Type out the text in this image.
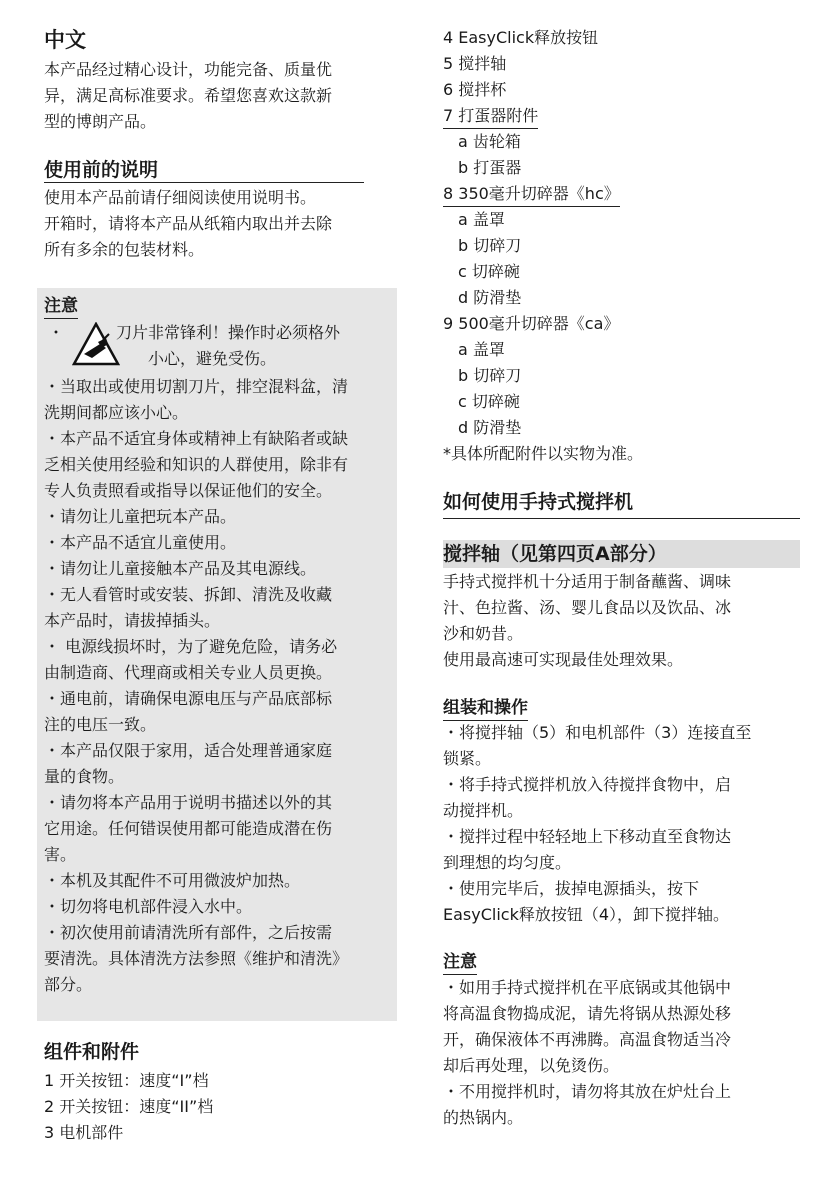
中文

本产品经过精心设计，功能完备、质量优

异，满足高标准要求。希望您喜欢这款新

型的博朗产品。

使用前的说明

使用本产品前请仔细阅读使用说明书。

开箱时，请将本产品从纸箱内取出并去除

所有多余的包装材料。

注意
・	刀片非常锋利！操作时必须格外

小心，避免受伤。

・当取出或使用切割刀片，排空混料盆，清

洗期间都应该小心。

・本产品不适宜身体或精神上有缺陷者或缺

乏相关使用经验和知识的人群使用，除非有

专人负责照看或指导以保证他们的安全。

・请勿让儿童把玩本产品。

・本产品不适宜儿童使用。

・请勿让儿童接触本产品及其电源线。

・无人看管时或安装、拆卸、清洗及收藏

本产品时，请拔掉插头。

・ 电源线损坏时，为了避免危险，请务必

由制造商、代理商或相关专业人员更换。

・通电前，请确保电源电压与产品底部标

注的电压一致。

・本产品仅限于家用，适合处理普通家庭

量的食物。

・请勿将本产品用于说明书描述以外的其

它用途。任何错误使用都可能造成潜在伤

害。

・本机及其配件不可用微波炉加热。

・切勿将电机部件浸入水中。

・初次使用前请清洗所有部件，之后按需

要清洗。具体清洗方法参照《维护和清洗》

部分。

组件和附件

1 开关按钮：速度“I”档

2 开关按钮：速度“II”档

3 电机部件

4 EasyClick释放按钮

5 搅拌轴

6 搅拌杯

7 打蛋器附件

a 齿轮箱

b 打蛋器

8 350毫升切碎器《hc》

a 盖罩

b 切碎刀

c 切碎碗

d 防滑垫

9 500毫升切碎器《ca》

a 盖罩

b 切碎刀

c 切碎碗

d 防滑垫

*具体所配附件以实物为准。

如何使用手持式搅拌机
搅拌轴（见第四页A部分）

手持式搅拌机十分适用于制备蘸酱、调味

汁、色拉酱、汤、婴儿食品以及饮品、冰

沙和奶昔。

使用最高速可实现最佳处理效果。

组装和操作

・将搅拌轴（5）和电机部件（3）连接直至

锁紧。

・将手持式搅拌机放入待搅拌食物中，启

动搅拌机。

・搅拌过程中轻轻地上下移动直至食物达

到理想的均匀度。

・使用完毕后，拔掉电源插头，按下

EasyClick释放按钮（4），卸下搅拌轴。

注意

・如用手持式搅拌机在平底锅或其他锅中

将高温食物捣成泥，请先将锅从热源处移

开，确保液体不再沸腾。高温食物适当冷

却后再处理，以免烫伤。

・不用搅拌机时，请勿将其放在炉灶台上

的热锅内。
